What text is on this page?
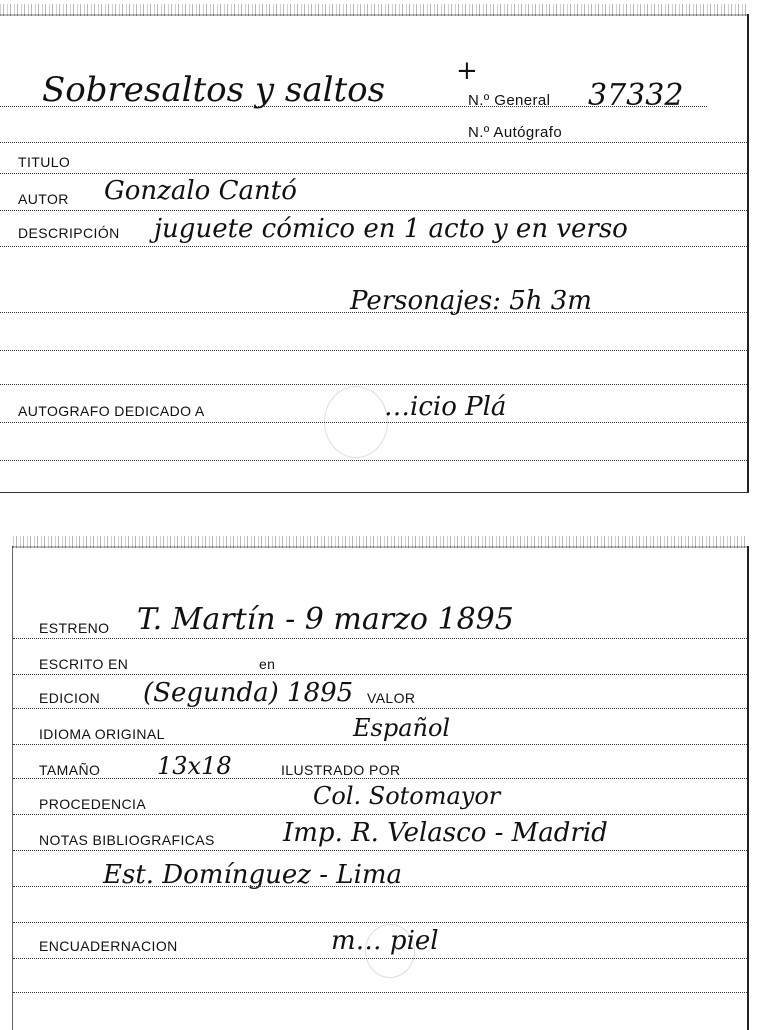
Sobresaltos y saltos	+
N.º General 37332
N.º Autógrafo
TITULO
AUTOR Gonzalo Cantó
DESCRIPCIÓN juguete cómico en 1 acto y en verso
Personajes: 5h 3m
AUTOGRAFO DEDICADO A	…icio Plá
ESTRENO T. Martín - 9 marzo 1895
ESCRITO EN	en
EDICION (Segunda) 1895 VALOR
IDIOMA ORIGINAL	Español
TAMAÑO 13x18	ILUSTRADO POR
PROCEDENCIA	Col. Sotomayor
NOTAS BIBLIOGRAFICAS	Imp. R. Velasco - Madrid
Est. Domínguez - Lima
ENCUADERNACION	m… piel
